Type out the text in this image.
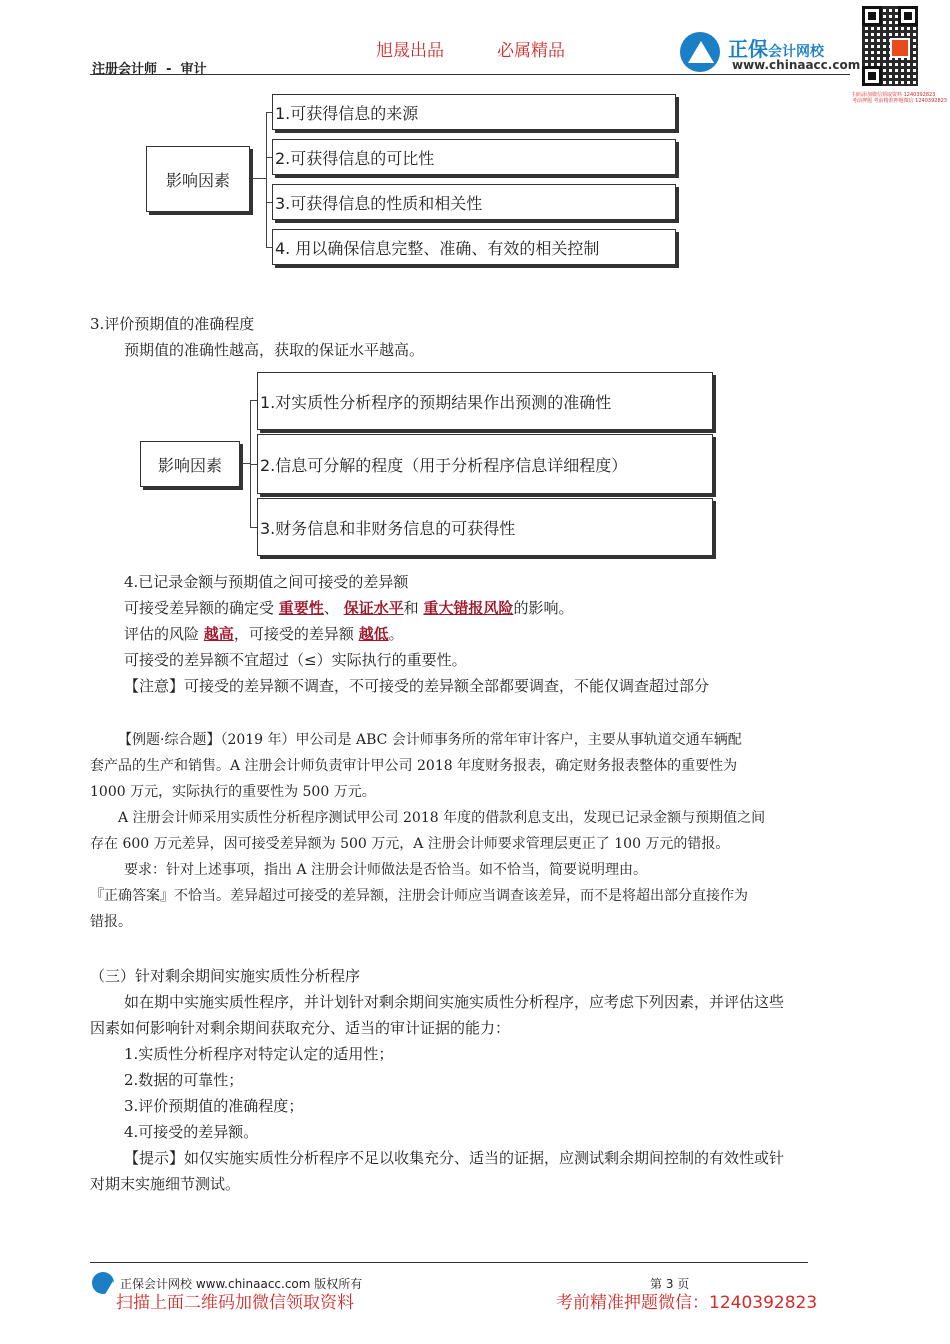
旭晟出品	必属精品
注册会计师 - 审计
正保会计网校
www.chinaacc.com
扫码添加微信领取资料 1240392823
考前押题 考前精准押题微信 1240392823
影响因素
1.可获得信息的来源
2.可获得信息的可比性
3.可获得信息的性质和相关性
4. 用以确保信息完整、准确、有效的相关控制
3.评价预期值的准确程度
预期值的准确性越高，获取的保证水平越高。
影响因素
1.对实质性分析程序的预期结果作出预测的准确性
2.信息可分解的程度（用于分析程序信息详细程度）
3.财务信息和非财务信息的可获得性
4.已记录金额与预期值之间可接受的差异额
可接受差异额的确定受 重要性、 保证水平和 重大错报风险的影响。
评估的风险 越高，可接受的差异额 越低。
可接受的差异额不宜超过（≤）实际执行的重要性。
【注意】可接受的差异额不调查，不可接受的差异额全部都要调查，不能仅调查超过部分
【例题·综合题】（2019 年）甲公司是 ABC 会计师事务所的常年审计客户，主要从事轨道交通车辆配
套产品的生产和销售。A 注册会计师负责审计甲公司 2018 年度财务报表，确定财务报表整体的重要性为
1000 万元，实际执行的重要性为 500 万元。
A 注册会计师采用实质性分析程序测试甲公司 2018 年度的借款利息支出，发现已记录金额与预期值之间
存在 600 万元差异，因可接受差异额为 500 万元，A 注册会计师要求管理层更正了 100 万元的错报。
要求：针对上述事项，指出 A 注册会计师做法是否恰当。如不恰当，简要说明理由。
『正确答案』不恰当。差异超过可接受的差异额，注册会计师应当调查该差异，而不是将超出部分直接作为
错报。
（三）针对剩余期间实施实质性分析程序
如在期中实施实质性程序，并计划针对剩余期间实施实质性分析程序，应考虑下列因素，并评估这些
因素如何影响针对剩余期间获取充分、适当的审计证据的能力：
1.实质性分析程序对特定认定的适用性；
2.数据的可靠性；
3.评价预期值的准确程度；
4.可接受的差异额。
【提示】如仅实施实质性分析程序不足以收集充分、适当的证据，应测试剩余期间控制的有效性或针
对期末实施细节测试。
正保会计网校 www.chinaacc.com 版权所有	第 3 页
扫描上面二维码加微信领取资料	考前精准押题微信：1240392823
